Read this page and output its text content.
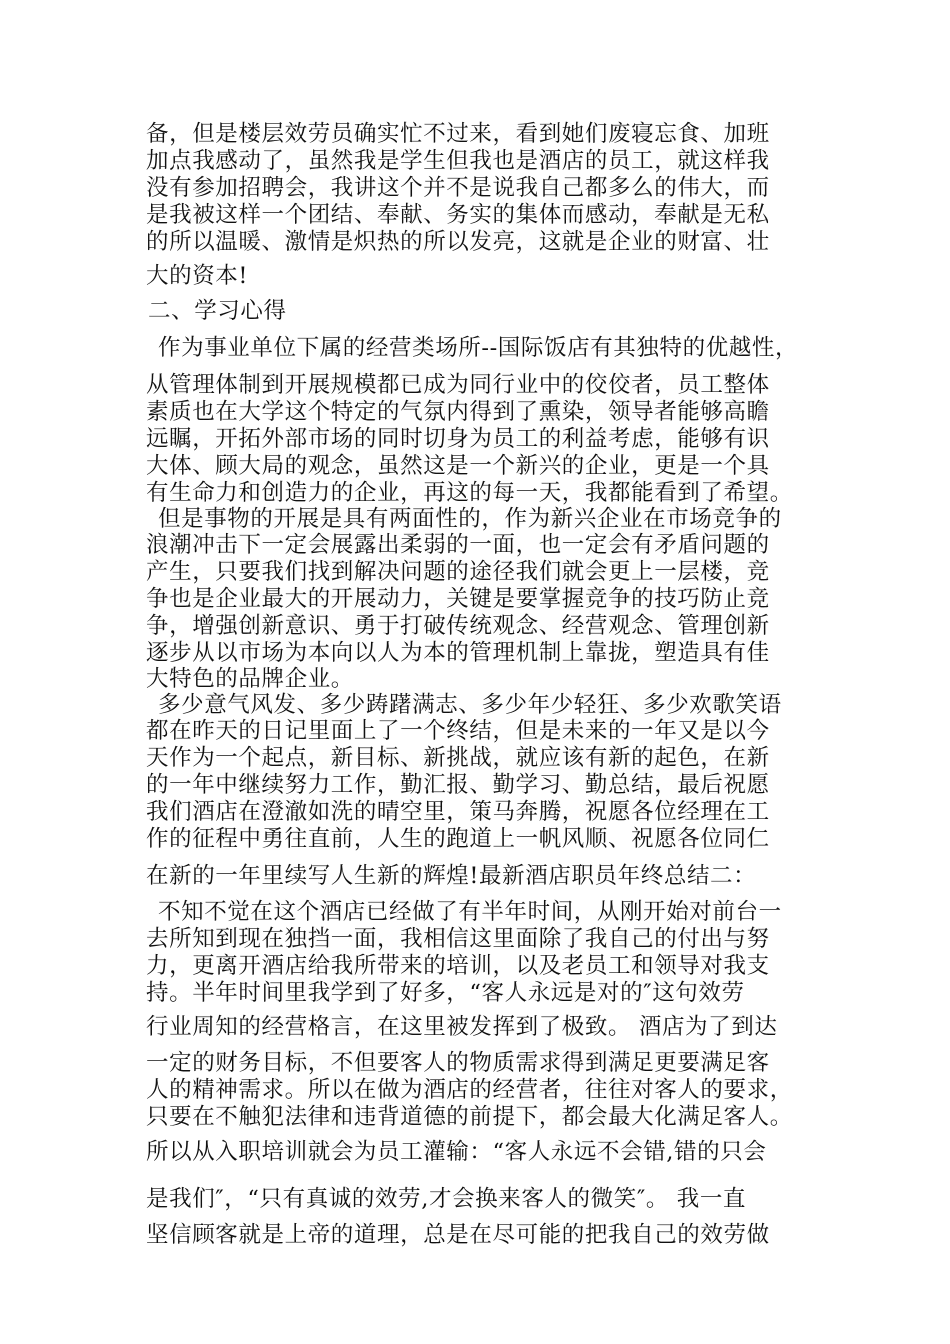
备，但是楼层效劳员确实忙不过来，看到她们废寝忘食、加班
加点我感动了，虽然我是学生但我也是酒店的员工，就这样我
没有参加招聘会，我讲这个并不是说我自己都多么的伟大，而
是我被这样一个团结、奉献、务实的集体而感动，奉献是无私
的所以温暖、激情是炽热的所以发亮，这就是企业的财富、壮
大的资本!
二、学习心得
作为事业单位下属的经营类场所--国际饭店有其独特的优越性，
从管理体制到开展规模都已成为同行业中的佼佼者，员工整体
素质也在大学这个特定的气氛内得到了熏染，领导者能够高瞻
远瞩，开拓外部市场的同时切身为员工的利益考虑，能够有识
大体、顾大局的观念，虽然这是一个新兴的企业，更是一个具
有生命力和创造力的企业，再这的每一天，我都能看到了希望。
但是事物的开展是具有两面性的，作为新兴企业在市场竞争的
浪潮冲击下一定会展露出柔弱的一面，也一定会有矛盾问题的
产生，只要我们找到解决问题的途径我们就会更上一层楼，竞
争也是企业最大的开展动力，关键是要掌握竞争的技巧防止竞
争，增强创新意识、勇于打破传统观念、经营观念、管理创新
逐步从以市场为本向以人为本的管理机制上靠拢，塑造具有佳
大特色的品牌企业。
多少意气风发、多少踌躇满志、多少年少轻狂、多少欢歌笑语
都在昨天的日记里面上了一个终结，但是未来的一年又是以今
天作为一个起点，新目标、新挑战，就应该有新的起色，在新
的一年中继续努力工作，勤汇报、勤学习、勤总结，最后祝愿
我们酒店在澄澈如洗的晴空里，策马奔腾，祝愿各位经理在工
作的征程中勇往直前，人生的跑道上一帆风顺、祝愿各位同仁
在新的一年里续写人生新的辉煌!最新酒店职员年终总结二：
不知不觉在这个酒店已经做了有半年时间，从刚开始对前台一
去所知到现在独挡一面，我相信这里面除了我自己的付出与努
力，更离开酒店给我所带来的培训，以及老员工和领导对我支
持。半年时间里我学到了好多，“客人永远是对的″这句效劳
行业周知的经营格言，在这里被发挥到了极致。 酒店为了到达
一定的财务目标，不但要客人的物质需求得到满足更要满足客
人的精神需求。所以在做为酒店的经营者，往往对客人的要求，
只要在不触犯法律和违背道德的前提下，都会最大化满足客人。
所以从入职培训就会为员工灌输：“客人永远不会错,错的只会
是我们″，“只有真诚的效劳,才会换来客人的微笑″。 我一直
坚信顾客就是上帝的道理，总是在尽可能的把我自己的效劳做
